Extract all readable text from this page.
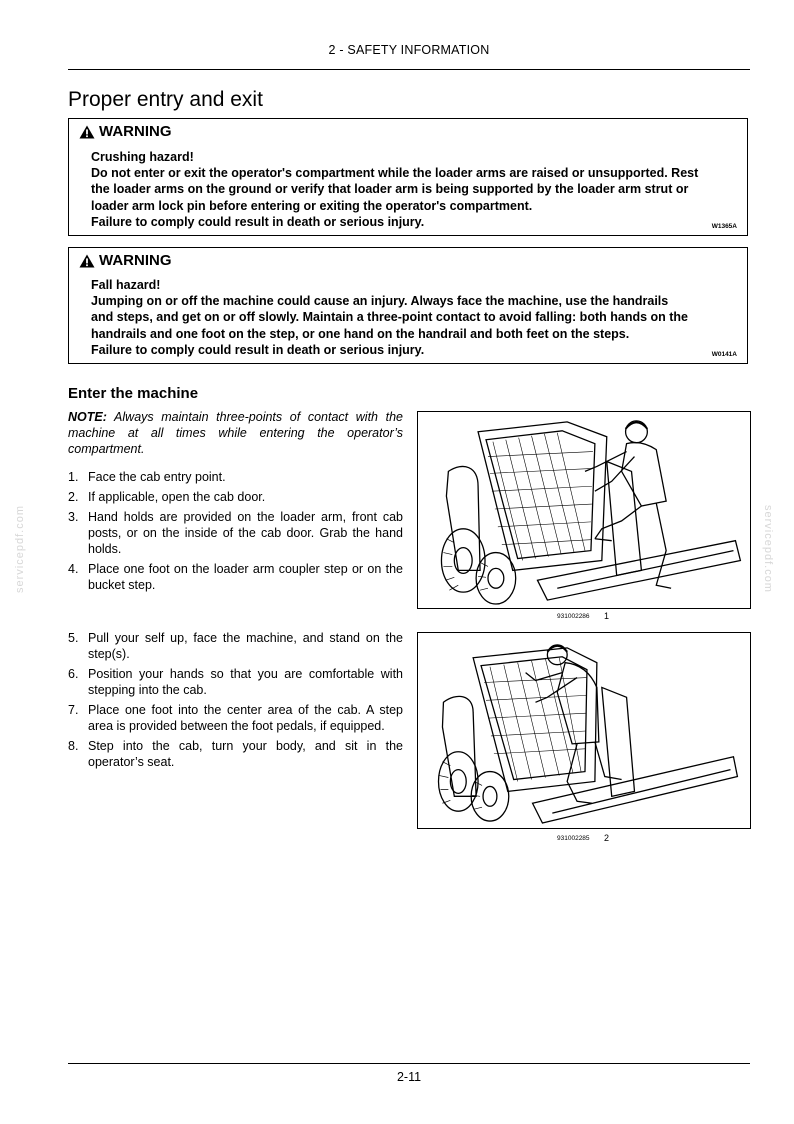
2 - SAFETY INFORMATION
Proper entry and exit
WARNING
Crushing hazard!
Do not enter or exit the operator's compartment while the loader arms are raised or unsupported. Rest
the loader arms on the ground or verify that loader arm is being supported by the loader arm strut or
loader arm lock pin before entering or exiting the operator's compartment.
Failure to comply could result in death or serious injury.	W1365A
WARNING
Fall hazard!
Jumping on or off the machine could cause an injury. Always face the machine, use the handrails
and steps, and get on or off slowly. Maintain a three-point contact to avoid falling: both hands on the
handrails and one foot on the step, or one hand on the handrail and both feet on the steps.
Failure to comply could result in death or serious injury.	W0141A
Enter the machine
NOTE: Always maintain three-points of contact with the machine at all times while entering the operator’s compartment.
1. Face the cab entry point.
2. If applicable, open the cab door.
3. Hand holds are provided on the loader arm, front cab posts, or on the inside of the cab door. Grab the hand holds.
4. Place one foot on the loader arm coupler step or on the bucket step.
5. Pull your self up, face the machine, and stand on the step(s).
6. Position your hands so that you are comfortable with stepping into the cab.
7. Place one foot into the center area of the cab. A step area is provided between the foot pedals, if equipped.
8. Step into the cab, turn your body, and sit in the operator’s seat.
931002286 1
931002285 2
servicepdf.com	servicepdf.com
2-11
